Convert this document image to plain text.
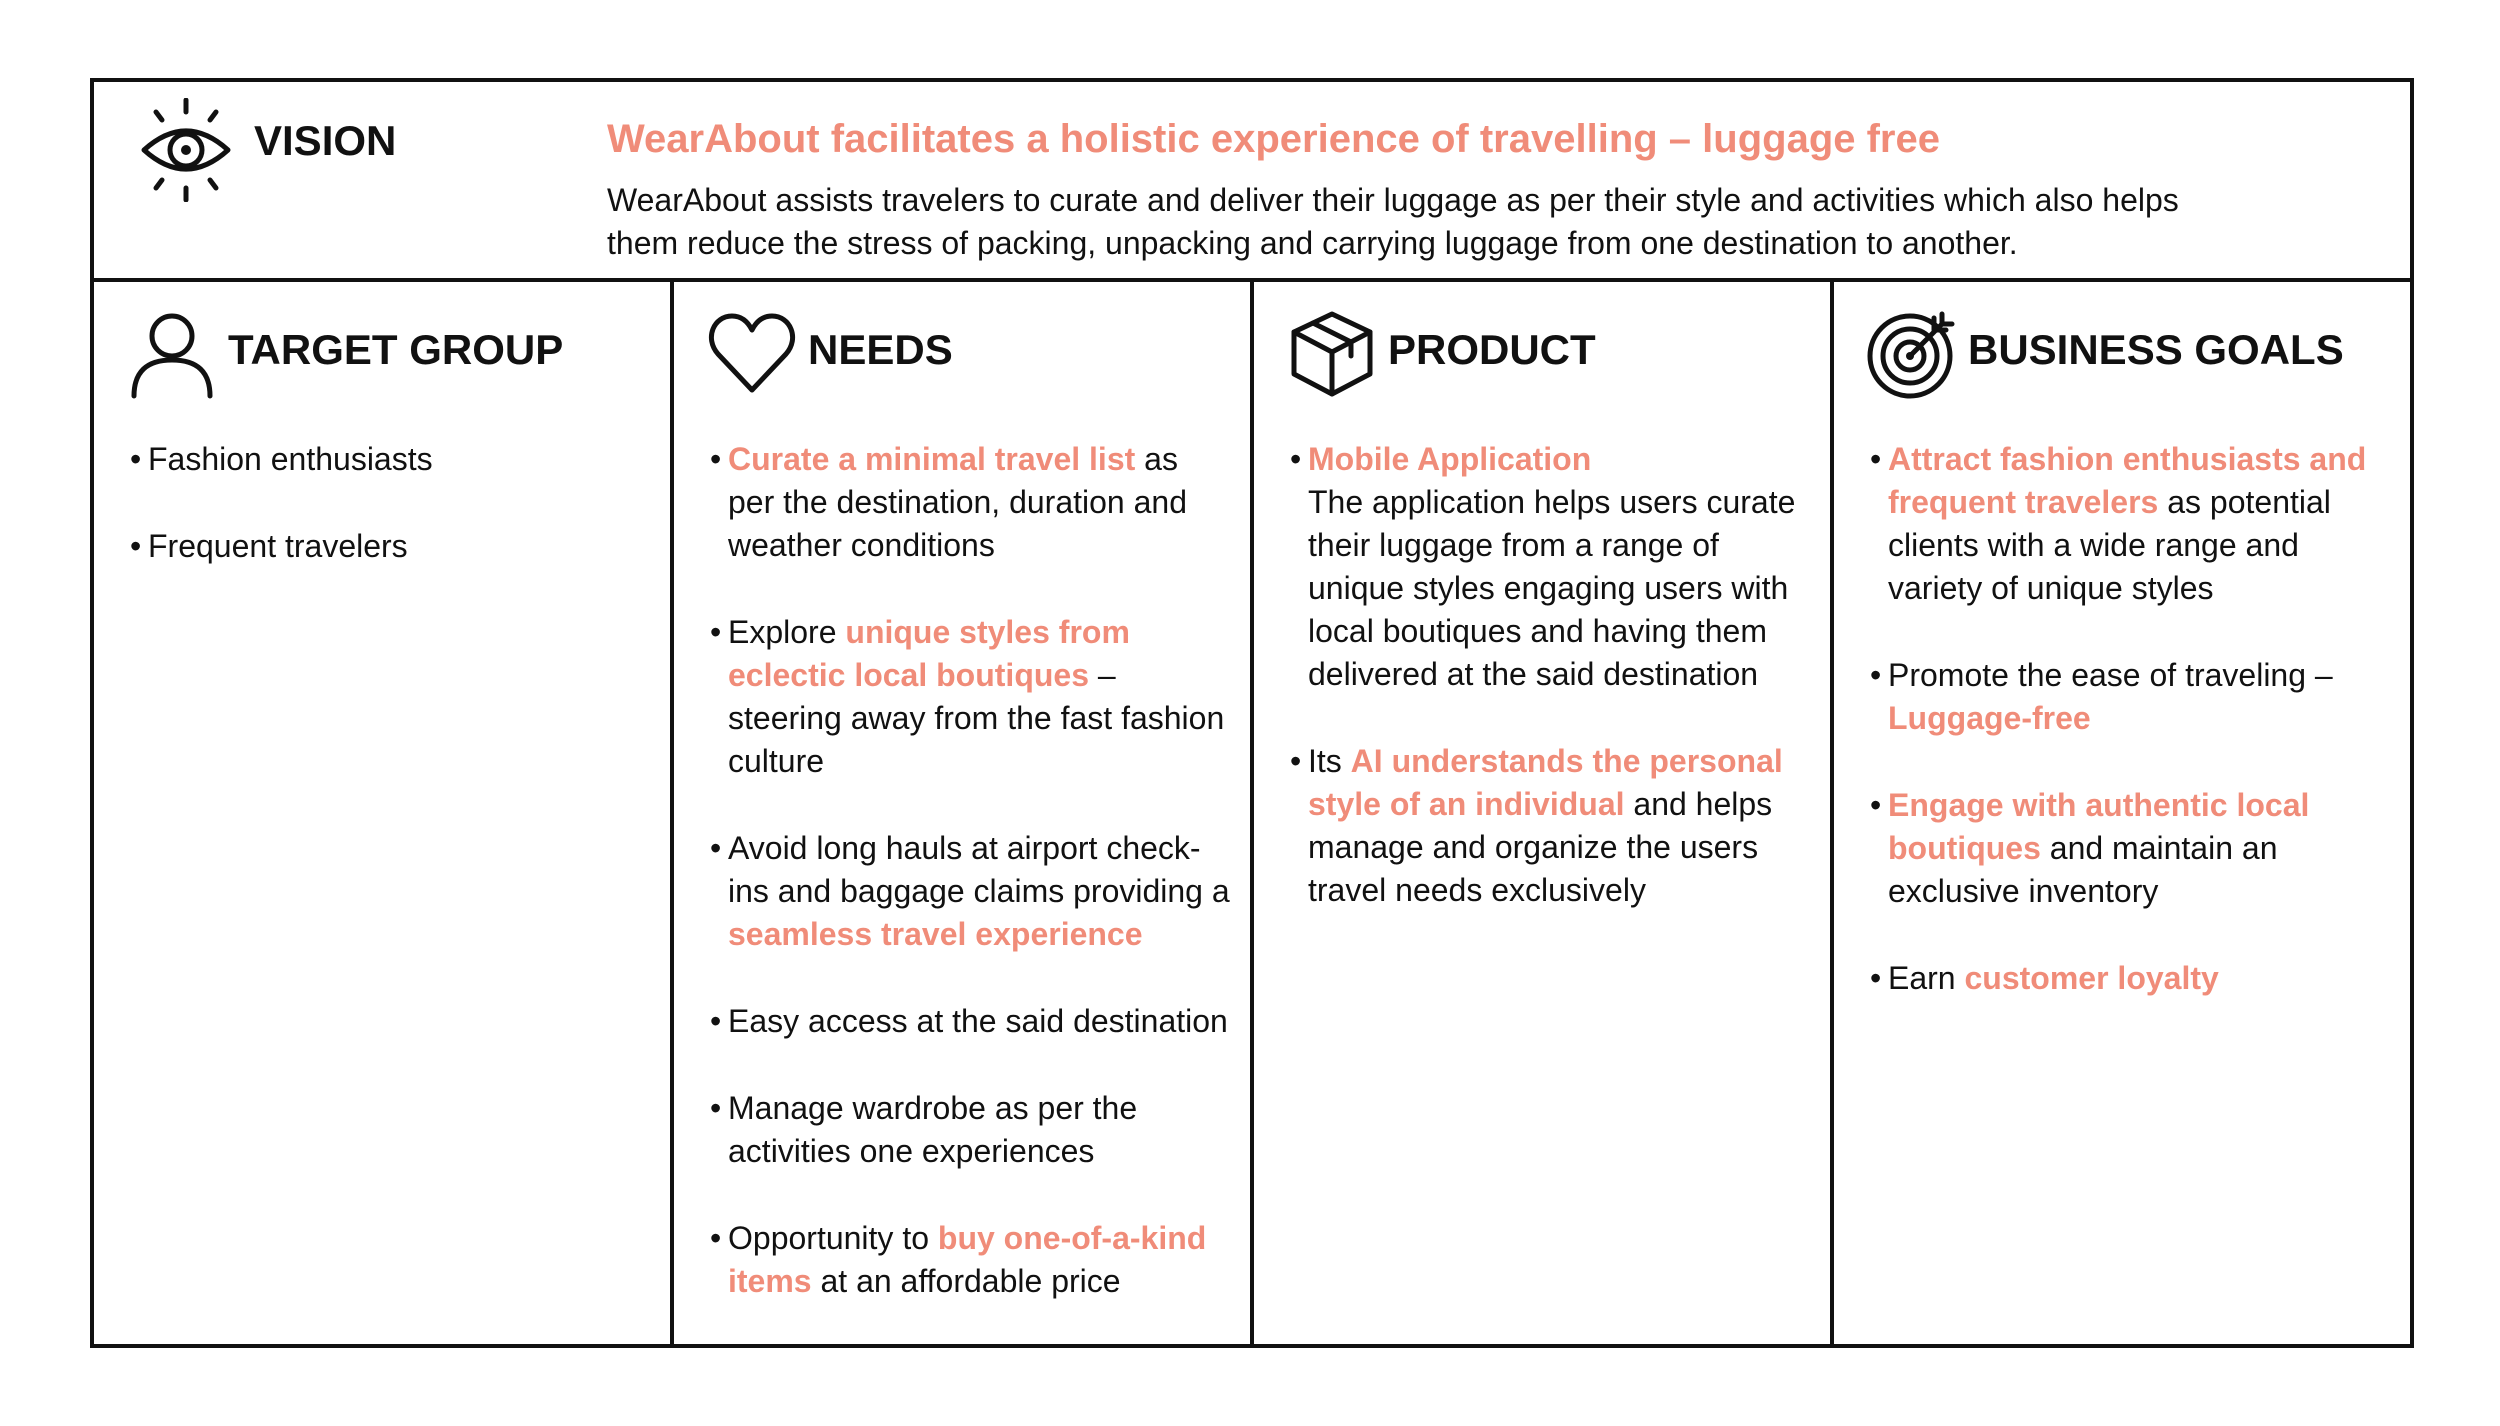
VISION	WearAbout facilitates a holistic experience of travelling – luggage free
WearAbout assists travelers to curate and deliver their luggage as per their style and activities which also helps them reduce the stress of packing, unpacking and carrying luggage from one destination to another.
TARGET GROUP
• Fashion enthusiasts
• Frequent travelers
NEEDS
• Curate a minimal travel list as per the destination, duration and weather conditions
• Explore unique styles from eclectic local boutiques – steering away from the fast fashion culture
• Avoid long hauls at airport check-ins and baggage claims providing a seamless travel experience
• Easy access at the said destination
• Manage wardrobe as per the activities one experiences
• Opportunity to buy one-of-a-kind items at an affordable price
PRODUCT
• Mobile Application
The application helps users curate their luggage from a range of unique styles engaging users with local boutiques and having them delivered at the said destination
• Its AI understands the personal style of an individual and helps manage and organize the users travel needs exclusively
BUSINESS GOALS
• Attract fashion enthusiasts and frequent travelers as potential clients with a wide range and variety of unique styles
• Promote the ease of traveling – Luggage-free
• Engage with authentic local boutiques and maintain an exclusive inventory
• Earn customer loyalty
